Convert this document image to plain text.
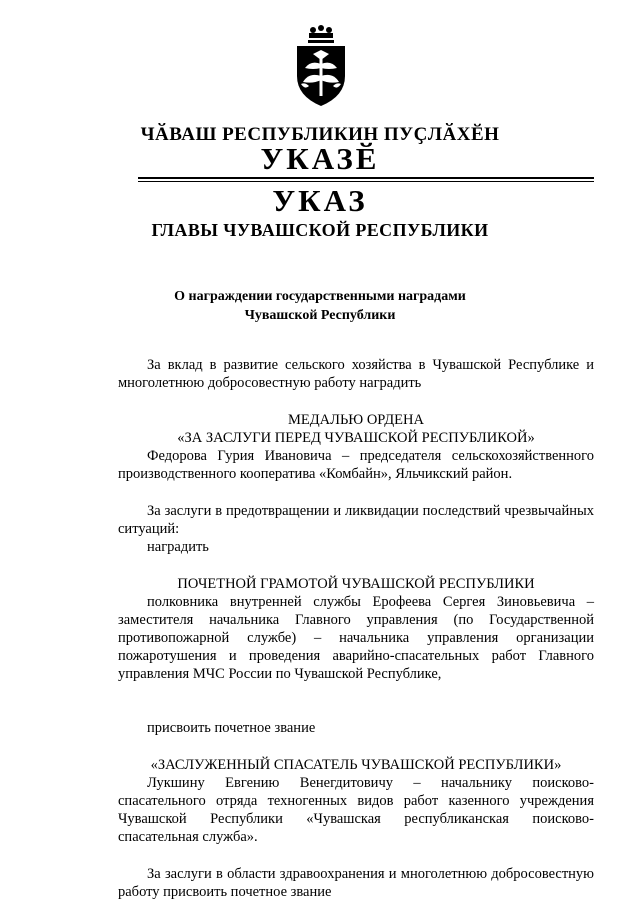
ЧӐВАШ РЕСПУБЛИКИН ПУҪЛӐХӖН
УКАЗӖ
УКАЗ
ГЛАВЫ ЧУВАШСКОЙ РЕСПУБЛИКИ
О награждении государственными наградами
Чувашской Республики

За вклад в развитие сельского хозяйства в Чувашской Республике и многолетнюю добросовестную работу наградить

МЕДАЛЬЮ ОРДЕНА

«ЗА ЗАСЛУГИ ПЕРЕД ЧУВАШСКОЙ РЕСПУБЛИКОЙ»

Федорова Гурия Ивановича – председателя сельскохозяйственного производственного кооператива «Комбайн», Яльчикский район.

За заслуги в предотвращении и ликвидации последствий чрезвычайных ситуаций:

наградить

ПОЧЕТНОЙ ГРАМОТОЙ ЧУВАШСКОЙ РЕСПУБЛИКИ

полковника внутренней службы Ерофеева Сергея Зиновьевича – заместителя начальника Главного управления (по Государственной противопожарной службе) – начальника управления организации пожаротушения и проведения аварийно-спасательных работ Главного управления МЧС России по Чувашской Республике,

присвоить почетное звание

«ЗАСЛУЖЕННЫЙ СПАСАТЕЛЬ ЧУВАШСКОЙ РЕСПУБЛИКИ»

Лукшину Евгению Венегдитовичу – начальнику поисково-спасательного отряда техногенных видов работ казенного учреждения Чувашской Республики «Чувашская республиканская поисково-спасательная служба».

За заслуги в области здравоохранения и многолетнюю добросовестную работу присвоить почетное звание
